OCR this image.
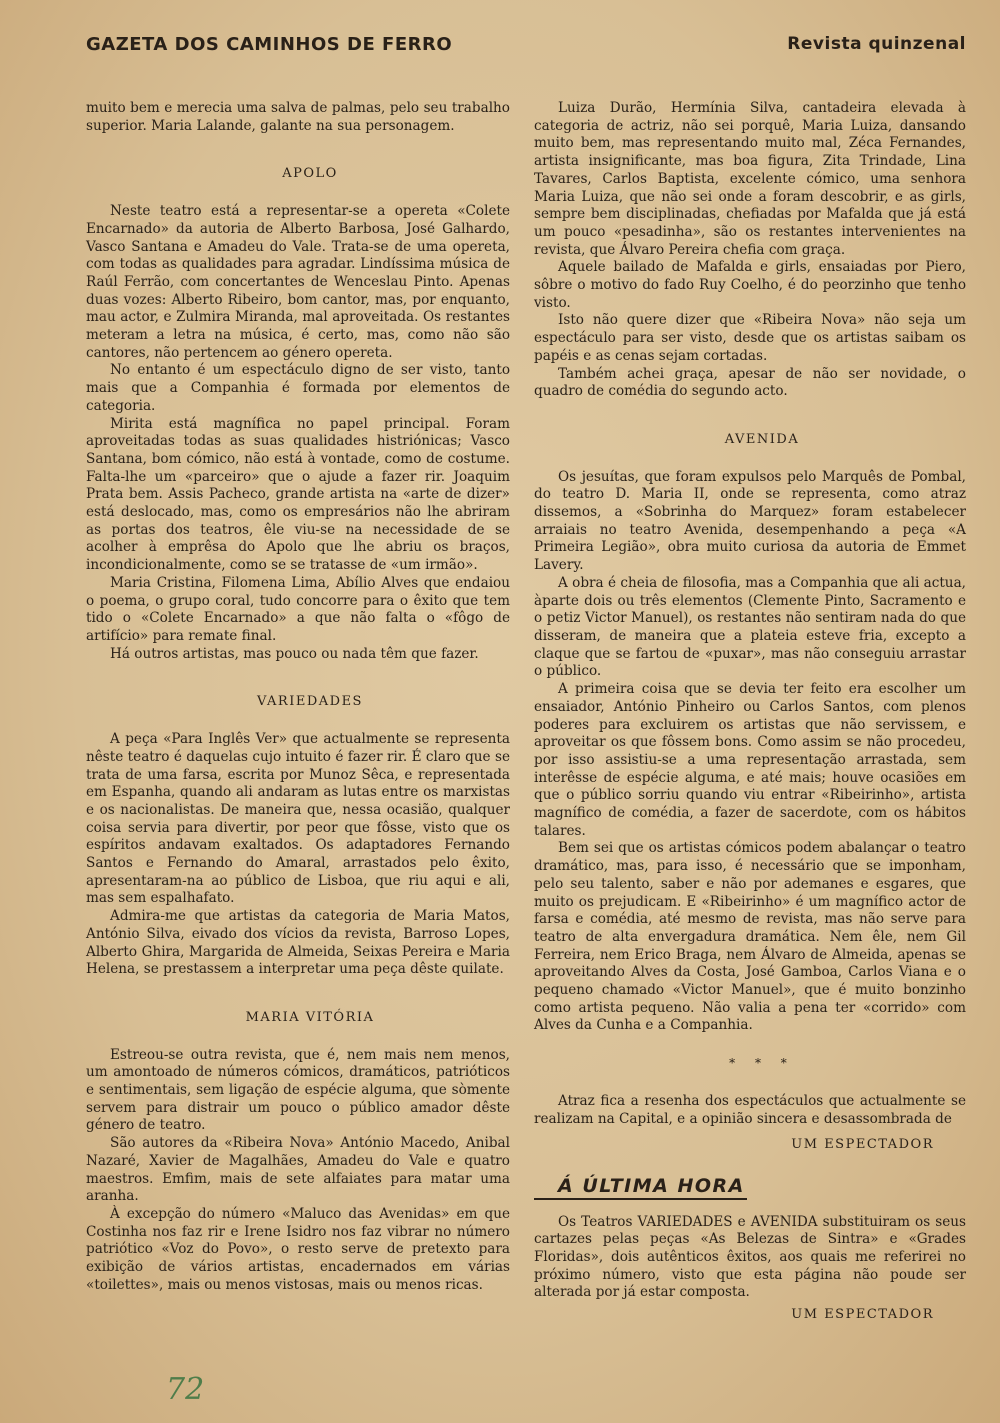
GAZETA DOS CAMINHOS DE FERRO	Revista quinzenal

muito bem e merecia uma salva de palmas, pelo seu trabalho superior. Maria Lalande, galante na sua personagem.

APOLO

Neste teatro está a representar-se a opereta «Colete Encarnado» da autoria de Alberto Barbosa, José Galhardo, Vasco Santana e Amadeu do Vale. Trata-se de uma opereta, com todas as qualidades para agradar. Lindíssima música de Raúl Ferrão, com concertantes de Wenceslau Pinto. Apenas duas vozes: Alberto Ribeiro, bom cantor, mas, por enquanto, mau actor, e Zulmira Miranda, mal aproveitada. Os restantes meteram a letra na música, é certo, mas, como não são cantores, não pertencem ao género opereta.

No entanto é um espectáculo digno de ser visto, tanto mais que a Companhia é formada por elementos de categoria.

Mirita está magnífica no papel principal. Foram aproveitadas todas as suas qualidades histriónicas; Vasco Santana, bom cómico, não está à vontade, como de costume. Falta-lhe um «parceiro» que o ajude a fazer rir. Joaquim Prata bem. Assis Pacheco, grande artista na «arte de dizer» está deslocado, mas, como os empresários não lhe abriram as portas dos teatros, êle viu-se na necessidade de se acolher à emprêsa do Apolo que lhe abriu os braços, incondicionalmente, como se se tratasse de «um irmão».

Maria Cristina, Filomena Lima, Abílio Alves que endaiou o poema, o grupo coral, tudo concorre para o êxito que tem tido o «Colete Encarnado» a que não falta o «fôgo de artifício» para remate final.

Há outros artistas, mas pouco ou nada têm que fazer.

VARIEDADES

A peça «Para Inglês Ver» que actualmente se representa nêste teatro é daquelas cujo intuito é fazer rir. É claro que se trata de uma farsa, escrita por Munoz Sêca, e representada em Espanha, quando ali andaram as lutas entre os marxistas e os nacionalistas. De maneira que, nessa ocasião, qualquer coisa servia para divertir, por peor que fôsse, visto que os espíritos andavam exaltados. Os adaptadores Fernando Santos e Fernando do Amaral, arrastados pelo êxito, apresentaram-na ao público de Lisboa, que riu aqui e ali, mas sem espalhafato.

Admira-me que artistas da categoria de Maria Matos, António Silva, eivado dos vícios da revista, Barroso Lopes, Alberto Ghira, Margarida de Almeida, Seixas Pereira e Maria Helena, se prestassem a interpretar uma peça dêste quilate.

MARIA VITÓRIA

Estreou-se outra revista, que é, nem mais nem menos, um amontoado de números cómicos, dramáticos, patrióticos e sentimentais, sem ligação de espécie alguma, que sòmente servem para distrair um pouco o público amador dêste género de teatro.

São autores da «Ribeira Nova» António Macedo, Anibal Nazaré, Xavier de Magalhães, Amadeu do Vale e quatro maestros. Emfim, mais de sete alfaiates para matar uma aranha.

À excepção do número «Maluco das Avenidas» em que Costinha nos faz rir e Irene Isidro nos faz vibrar no número patriótico «Voz do Povo», o resto serve de pretexto para exibição de vários artistas, encadernados em várias «toilettes», mais ou menos vistosas, mais ou menos ricas.

Luiza Durão, Hermínia Silva, cantadeira elevada à categoria de actriz, não sei porquê, Maria Luiza, dansando muito bem, mas representando muito mal, Zéca Fernandes, artista insignificante, mas boa figura, Zita Trindade, Lina Tavares, Carlos Baptista, excelente cómico, uma senhora Maria Luiza, que não sei onde a foram descobrir, e as girls, sempre bem disciplinadas, chefiadas por Mafalda que já está um pouco «pesadinha», são os restantes intervenientes na revista, que Álvaro Pereira chefia com graça.

Aquele bailado de Mafalda e girls, ensaiadas por Piero, sôbre o motivo do fado Ruy Coelho, é do peorzinho que tenho visto.

Isto não quere dizer que «Ribeira Nova» não seja um espectáculo para ser visto, desde que os artistas saibam os papéis e as cenas sejam cortadas.

Também achei graça, apesar de não ser novidade, o quadro de comédia do segundo acto.

AVENIDA

Os jesuítas, que foram expulsos pelo Marquês de Pombal, do teatro D. Maria II, onde se representa, como atraz dissemos, a «Sobrinha do Marquez» foram estabelecer arraiais no teatro Avenida, desempenhando a peça «A Primeira Legião», obra muito curiosa da autoria de Emmet Lavery.

A obra é cheia de filosofia, mas a Companhia que ali actua, àparte dois ou três elementos (Clemente Pinto, Sacramento e o petiz Victor Manuel), os restantes não sentiram nada do que disseram, de maneira que a plateia esteve fria, excepto a claque que se fartou de «puxar», mas não conseguiu arrastar o público.

A primeira coisa que se devia ter feito era escolher um ensaiador, António Pinheiro ou Carlos Santos, com plenos poderes para excluirem os artistas que não servissem, e aproveitar os que fôssem bons. Como assim se não procedeu, por isso assistiu-se a uma representação arrastada, sem interêsse de espécie alguma, e até mais; houve ocasiões em que o público sorriu quando viu entrar «Ribeirinho», artista magnífico de comédia, a fazer de sacerdote, com os hábitos talares.

Bem sei que os artistas cómicos podem abalançar o teatro dramático, mas, para isso, é necessário que se imponham, pelo seu talento, saber e não por ademanes e esgares, que muito os prejudicam. E «Ribeirinho» é um magnífico actor de farsa e comédia, até mesmo de revista, mas não serve para teatro de alta envergadura dramática. Nem êle, nem Gil Ferreira, nem Erico Braga, nem Álvaro de Almeida, apenas se aproveitando Alves da Costa, José Gamboa, Carlos Viana e o pequeno chamado «Victor Manuel», que é muito bonzinho como artista pequeno. Não valia a pena ter «corrido» com Alves da Cunha e a Companhia.

* * *

Atraz fica a resenha dos espectáculos que actualmente se realizam na Capital, e a opinião sincera e desassombrada de

UM ESPECTADOR

Á ÚLTIMA HORA

Os Teatros VARIEDADES e AVENIDA substituiram os seus cartazes pelas peças «As Belezas de Sintra» e «Grades Floridas», dois autênticos êxitos, aos quais me referirei no próximo número, visto que esta página não poude ser alterada por já estar composta.

UM ESPECTADOR

72
